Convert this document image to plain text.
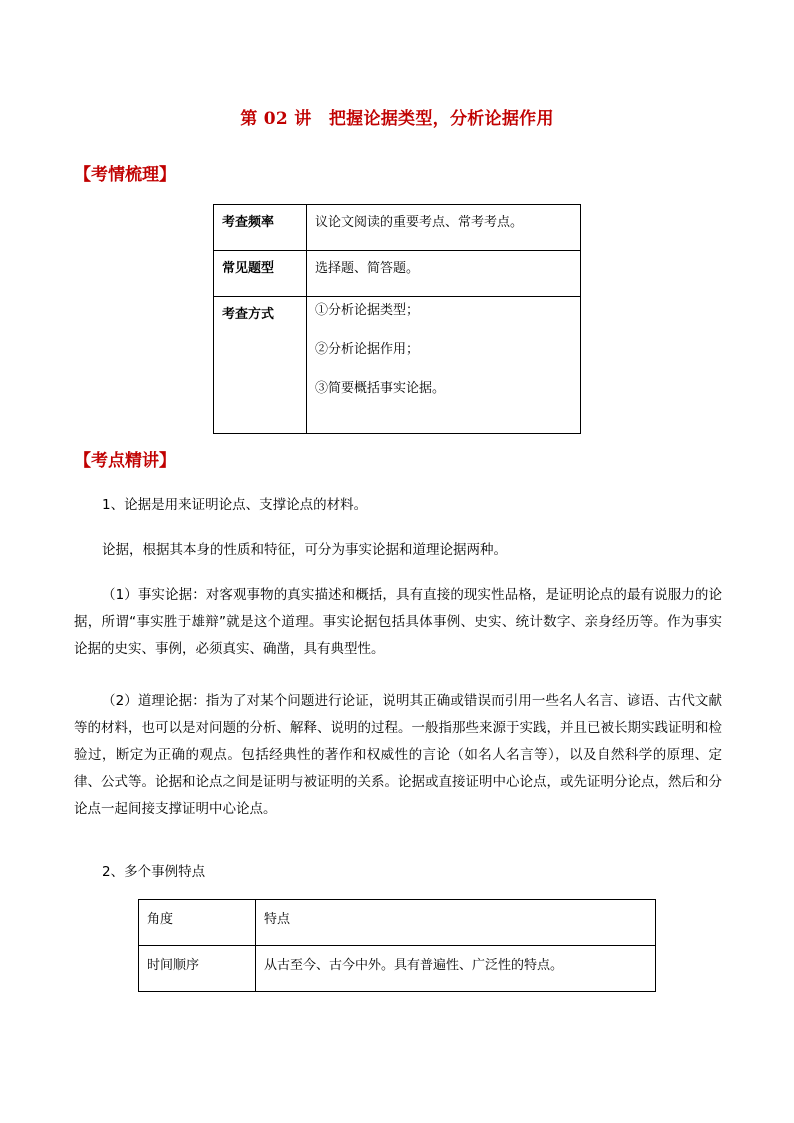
第 02 讲　把握论据类型，分析论据作用
【考情梳理】
考查频率	议论文阅读的重要考点、常考考点。
常见题型	选择题、简答题。
考查方式	①分析论据类型；
②分析论据作用；
③简要概括事实论据。
【考点精讲】
1、论据是用来证明论点、支撑论点的材料。
论据，根据其本身的性质和特征，可分为事实论据和道理论据两种。
（1）事实论据：对客观事物的真实描述和概括，具有直接的现实性品格，是证明论点的最有说服力的论据，所谓“事实胜于雄辩”就是这个道理。事实论据包括具体事例、史实、统计数字、亲身经历等。作为事实论据的史实、事例，必须真实、确凿，具有典型性。
（2）道理论据：指为了对某个问题进行论证，说明其正确或错误而引用一些名人名言、谚语、古代文献等的材料，也可以是对问题的分析、解释、说明的过程。一般指那些来源于实践，并且已被长期实践证明和检验过，断定为正确的观点。包括经典性的著作和权威性的言论（如名人名言等），以及自然科学的原理、定律、公式等。论据和论点之间是证明与被证明的关系。论据或直接证明中心论点，或先证明分论点，然后和分论点一起间接支撑证明中心论点。
2、多个事例特点
角度	特点
时间顺序	从古至今、古今中外。具有普遍性、广泛性的特点。
